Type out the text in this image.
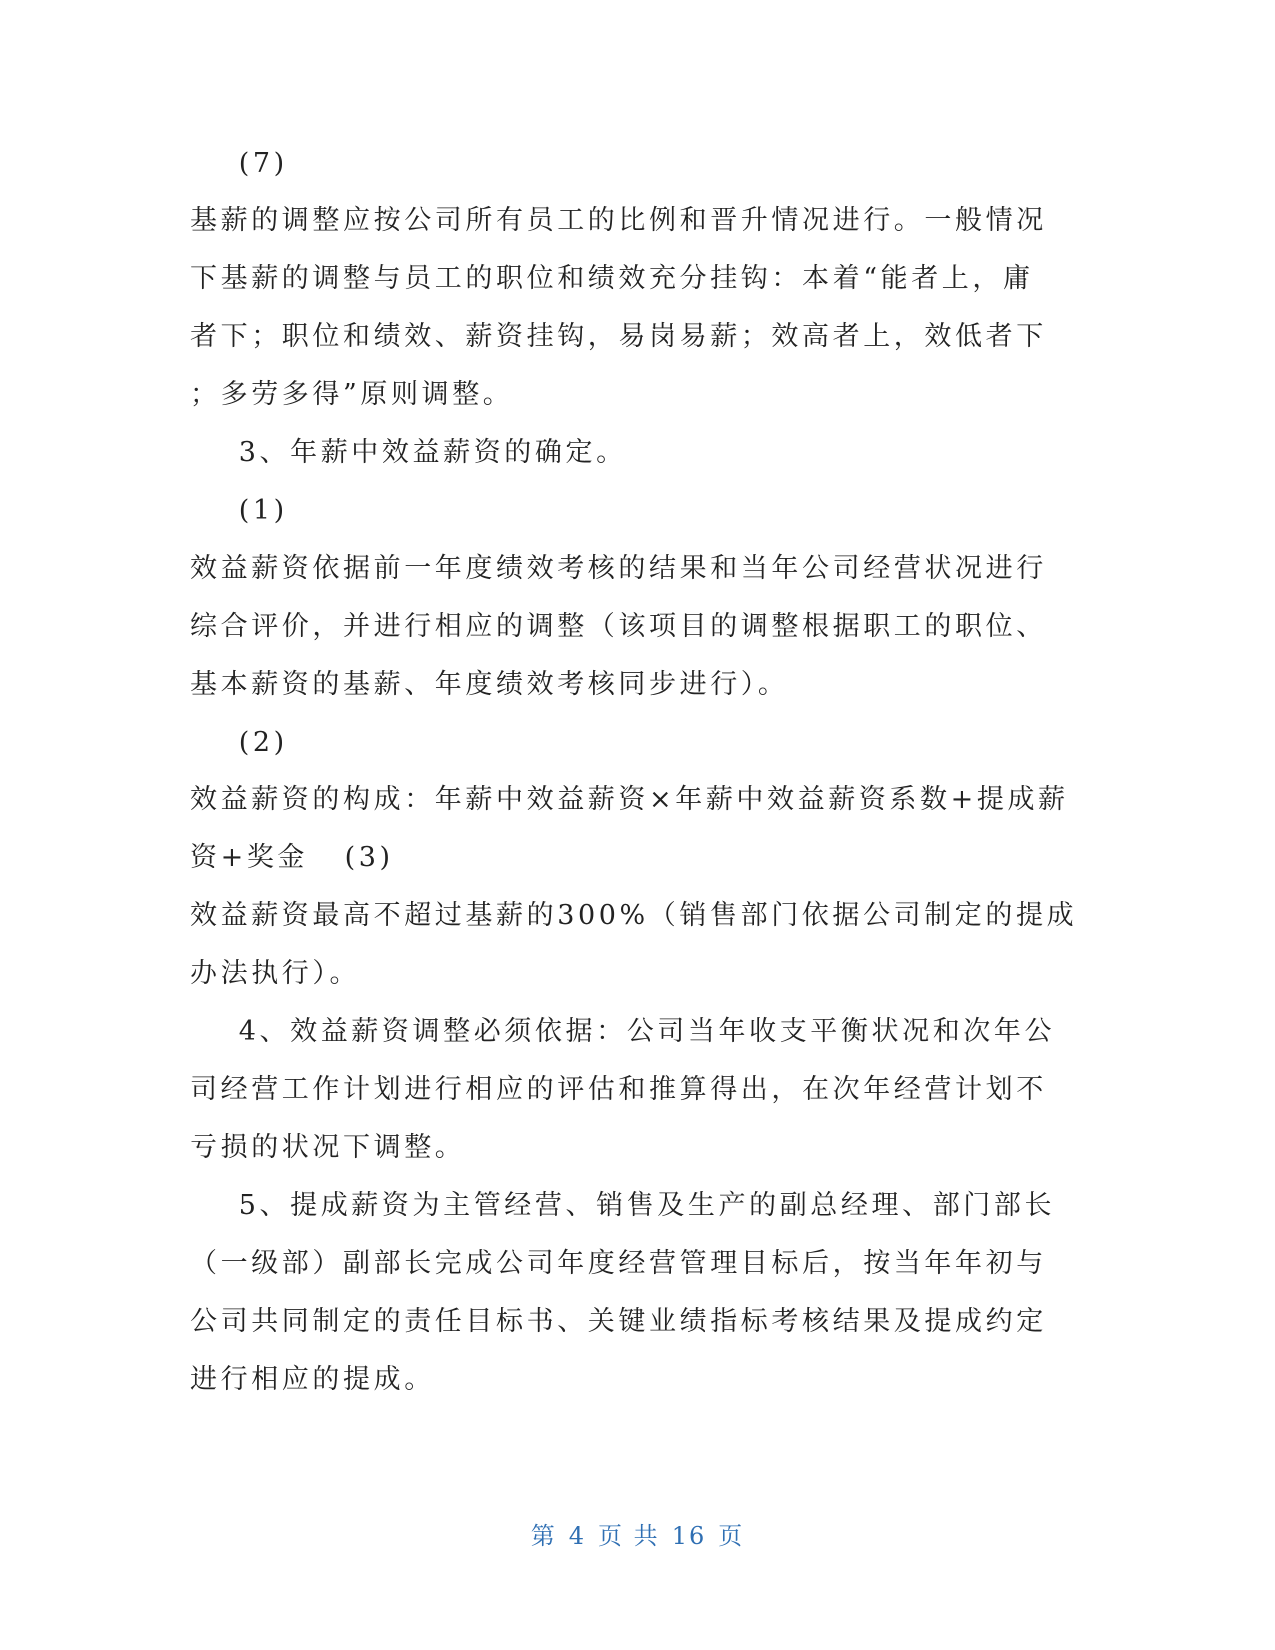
(7)

基薪的调整应按公司所有员工的比例和晋升情况进行。一般情况

下基薪的调整与员工的职位和绩效充分挂钩：本着“能者上，庸

者下；职位和绩效、薪资挂钩，易岗易薪；效高者上，效低者下

；多劳多得”原则调整。

3、年薪中效益薪资的确定。

(1)

效益薪资依据前一年度绩效考核的结果和当年公司经营状况进行

综合评价，并进行相应的调整（该项目的调整根据职工的职位、

基本薪资的基薪、年度绩效考核同步进行）。

(2)

效益薪资的构成：年薪中效益薪资×年薪中效益薪资系数+提成薪

资+奖金   (3)

效益薪资最高不超过基薪的300%（销售部门依据公司制定的提成

办法执行）。

4、效益薪资调整必须依据：公司当年收支平衡状况和次年公

司经营工作计划进行相应的评估和推算得出，在次年经营计划不

亏损的状况下调整。

5、提成薪资为主管经营、销售及生产的副总经理、部门部长

（一级部）副部长完成公司年度经营管理目标后，按当年年初与

公司共同制定的责任目标书、关键业绩指标考核结果及提成约定

进行相应的提成。

第 4 页 共 16 页
